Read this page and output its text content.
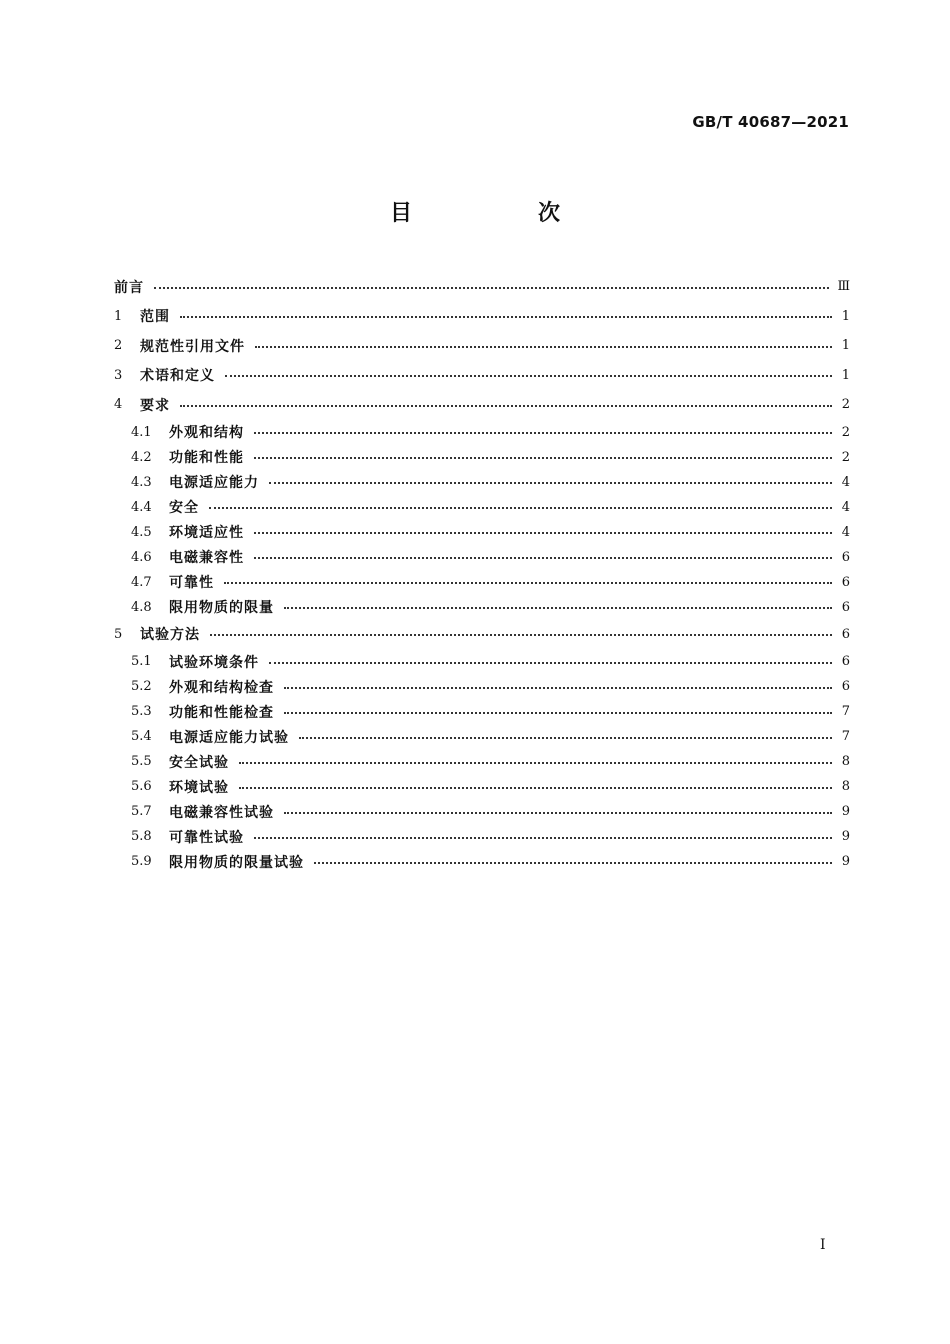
GB/T 40687—2021
目　次
前言	Ⅲ
1	范围	1
2	规范性引用文件	1
3	术语和定义	1
4	要求	2
4.1	外观和结构	2
4.2	功能和性能	2
4.3	电源适应能力	4
4.4	安全	4
4.5	环境适应性	4
4.6	电磁兼容性	6
4.7	可靠性	6
4.8	限用物质的限量	6
5	试验方法	6
5.1	试验环境条件	6
5.2	外观和结构检查	6
5.3	功能和性能检查	7
5.4	电源适应能力试验	7
5.5	安全试验	8
5.6	环境试验	8
5.7	电磁兼容性试验	9
5.8	可靠性试验	9
5.9	限用物质的限量试验	9
I
